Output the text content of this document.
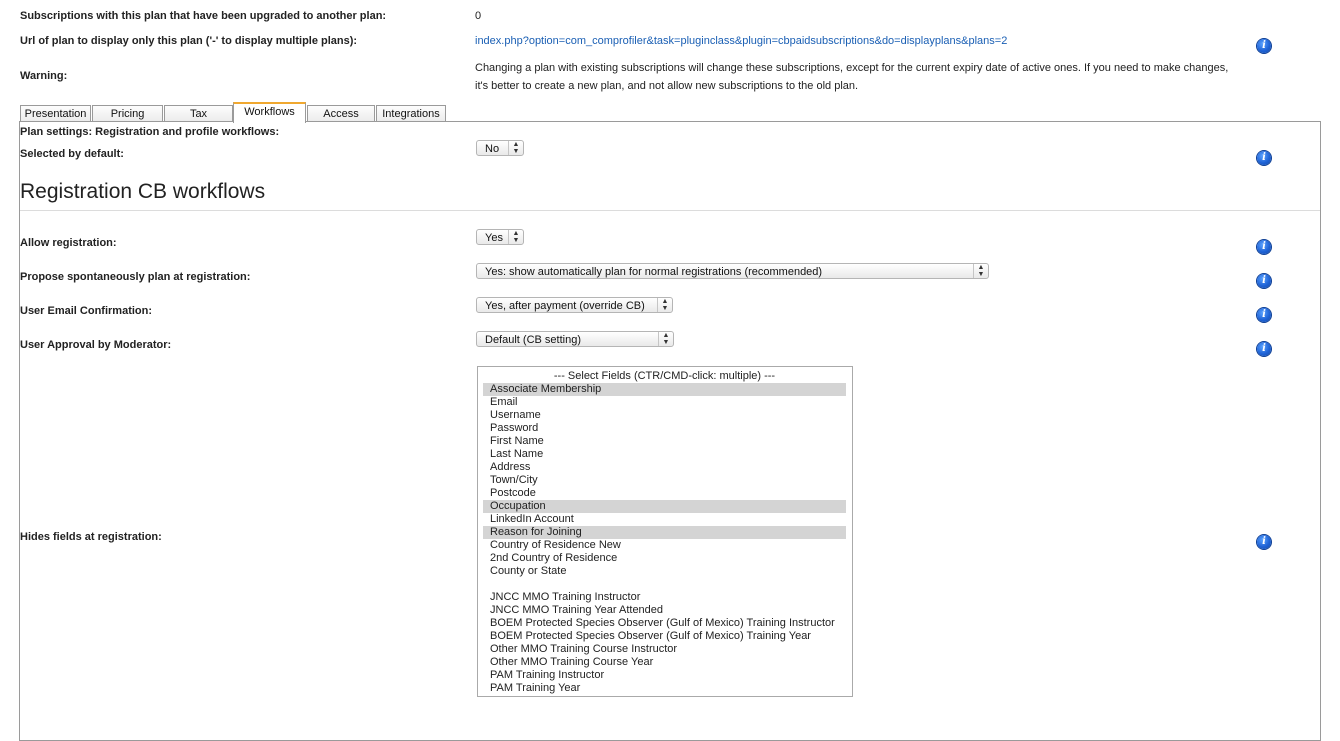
Subscriptions with this plan that have been upgraded to another plan:	0
Url of plan to display only this plan ('-' to display multiple plans):	index.php?option=com_comprofiler&task=pluginclass&plugin=cbpaidsubscriptions&do=displayplans&plans=2	i
Warning:
Changing a plan with existing subscriptions will change these subscriptions, except for the current expiry date of active ones. If you need to make changes,
it's better to create a new plan, and not allow new subscriptions to the old plan.
Presentation	Pricing	Tax	Workflows	Access	Integrations
Plan settings: Registration and profile workflows:
Selected by default:	No	▲
▼
i
Registration CB workflows
Allow registration:	Yes	▲
▼
i
Propose spontaneously plan at registration:	Yes: show automatically plan for normal registrations (recommended)	▲
▼
i
User Email Confirmation:	Yes, after payment (override CB)	▲
▼
i
User Approval by Moderator:	Default (CB setting)	▲
▼
i
Hides fields at registration:
--- Select Fields (CTR/CMD-click: multiple) ---
Associate Membership
Email
Username
Password
First Name
Last Name
Address
Town/City
Postcode
Occupation
LinkedIn Account
Reason for Joining
Country of Residence New
2nd Country of Residence
County or State
JNCC MMO Training Instructor
JNCC MMO Training Year Attended
BOEM Protected Species Observer (Gulf of Mexico) Training Instructor
BOEM Protected Species Observer (Gulf of Mexico) Training Year
Other MMO Training Course Instructor
Other MMO Training Course Year
PAM Training Instructor
PAM Training Year
i
